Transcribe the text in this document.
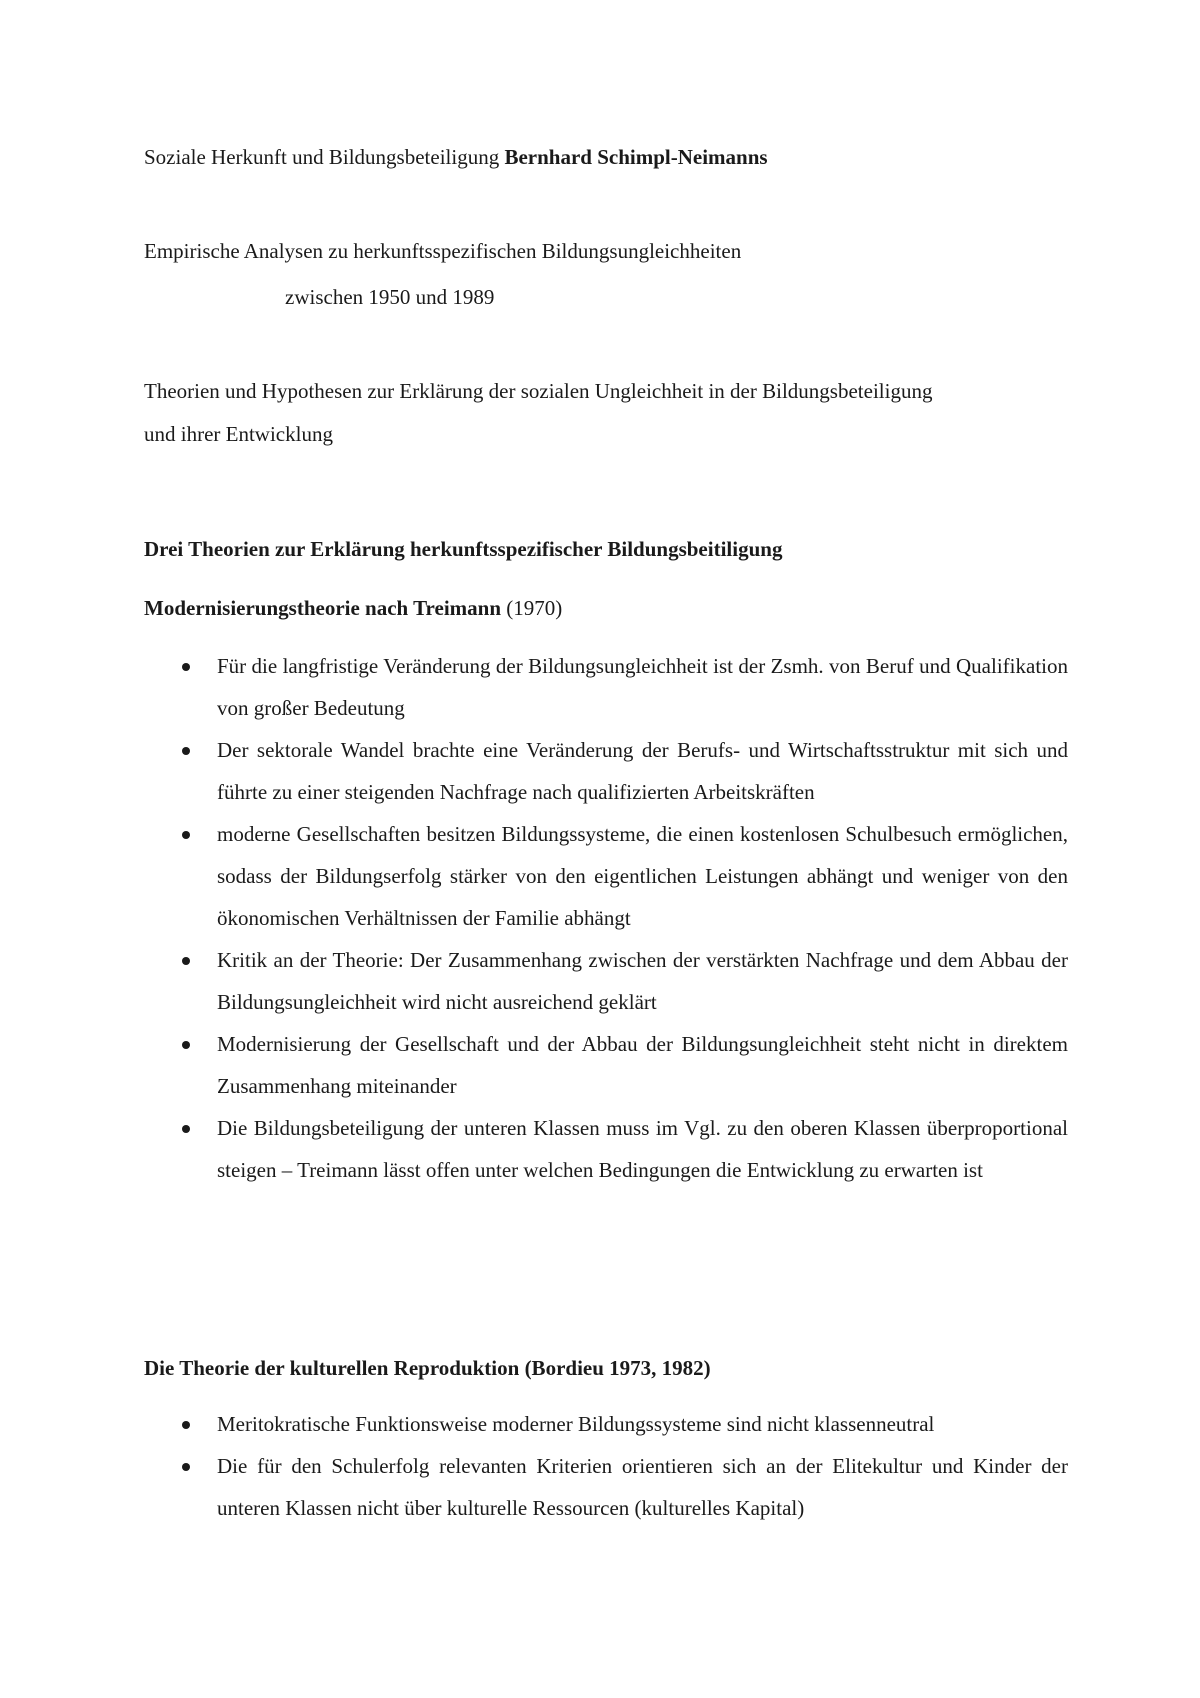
Soziale Herkunft und Bildungsbeteiligung Bernhard Schimpl-Neimanns
Empirische Analysen zu herkunftsspezifischen Bildungsungleichheiten
zwischen 1950 und 1989
Theorien und Hypothesen zur Erklärung der sozialen Ungleichheit in der Bildungsbeteiligung
und ihrer Entwicklung
Drei Theorien zur Erklärung herkunftsspezifischer Bildungsbeitiligung
Modernisierungstheorie nach Treimann (1970)
Für die langfristige Veränderung der Bildungsungleichheit ist der Zsmh. von Beruf und Qualifikation von großer Bedeutung
Der sektorale Wandel brachte eine Veränderung der Berufs- und Wirtschaftsstruktur mit sich und führte zu einer steigenden Nachfrage nach qualifizierten Arbeitskräften
moderne Gesellschaften besitzen Bildungssysteme, die einen kostenlosen Schulbesuch ermöglichen, sodass der Bildungserfolg stärker von den eigentlichen Leistungen abhängt und weniger von den ökonomischen Verhältnissen der Familie abhängt
Kritik an der Theorie: Der Zusammenhang zwischen der verstärkten Nachfrage und dem Abbau der Bildungsungleichheit wird nicht ausreichend geklärt
Modernisierung der Gesellschaft und der Abbau der Bildungsungleichheit steht nicht in direktem Zusammenhang miteinander
Die Bildungsbeteiligung der unteren Klassen muss im Vgl. zu den oberen Klassen überproportional steigen – Treimann lässt offen unter welchen Bedingungen die Entwicklung zu erwarten ist
Die Theorie der kulturellen Reproduktion (Bordieu 1973, 1982)
Meritokratische Funktionsweise moderner Bildungssysteme sind nicht klassenneutral
Die für den Schulerfolg relevanten Kriterien orientieren sich an der Elitekultur und Kinder der unteren Klassen nicht über kulturelle Ressourcen (kulturelles Kapital)
